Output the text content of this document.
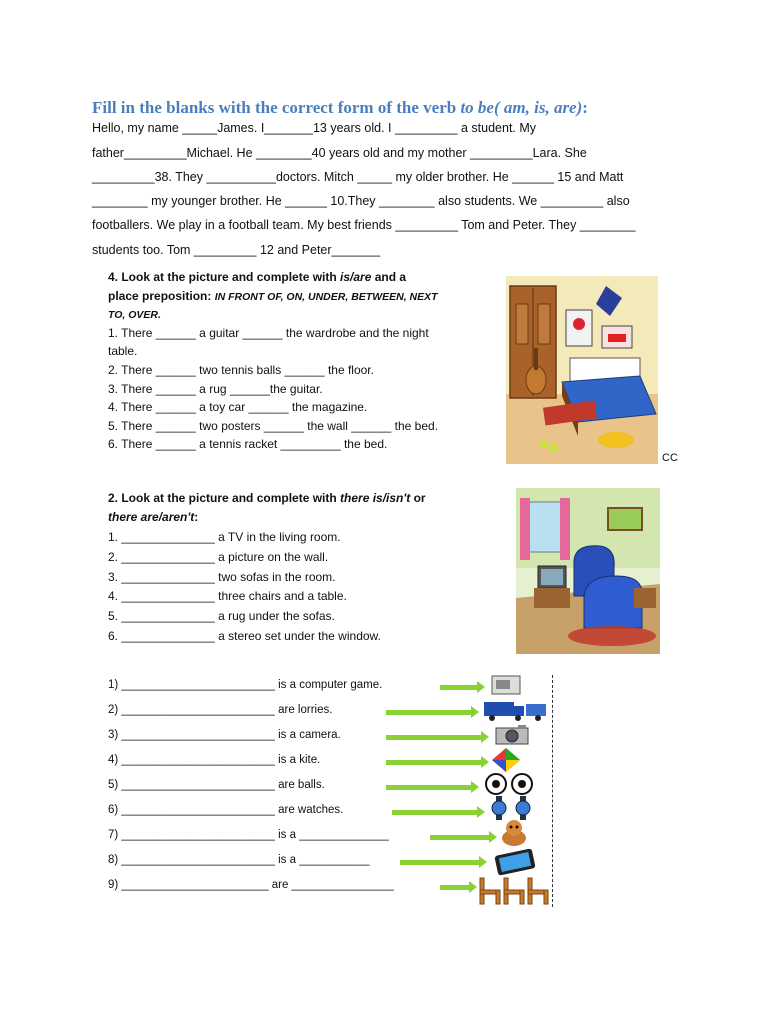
Fill in the blanks with the correct form of the verb to be( am, is, are):
Hello, my name _____James. I_______13 years old. I _________ a student. My
father_________Michael. He ________40 years old and my mother _________Lara. She
_________38. They __________doctors. Mitch _____ my older brother. He ______ 15 and Matt
________ my younger brother. He ______ 10.They ________ also students. We _________ also
footballers. We play in a football team. My best friends _________ Tom and Peter. They ________
students too. Tom _________ 12 and Peter_______
4. Look at the picture and complete with is/are and a
place preposition: IN FRONT OF, ON, UNDER, BETWEEN, NEXT
TO, OVER.
1. There ______ a guitar ______ the wardrobe and the night
table.
2. There ______ two tennis balls ______ the floor.
3. There ______ a rug ______the guitar.
4. There ______ a toy car ______ the magazine.
5. There ______ two posters ______ the wall ______ the bed.
6. There ______ a tennis racket _________ the bed.
CC
2. Look at the picture and complete with there is/isn't or
there are/aren't:
1. ______________ a TV in the living room.
2. ______________ a picture on the wall.
3. ______________ two sofas in the room.
4. ______________ three chairs and a table.
5. ______________ a rug under the sofas.
6. ______________ a stereo set under the window.
1) ________________________ is a computer game.
2) ________________________ are lorries.
3) ________________________ is a camera.
4) ________________________ is a kite.
5) ________________________ are balls.
6) ________________________ are watches.
7) ________________________ is a ______________
8) ________________________ is a ___________
9) _______________________ are ________________
